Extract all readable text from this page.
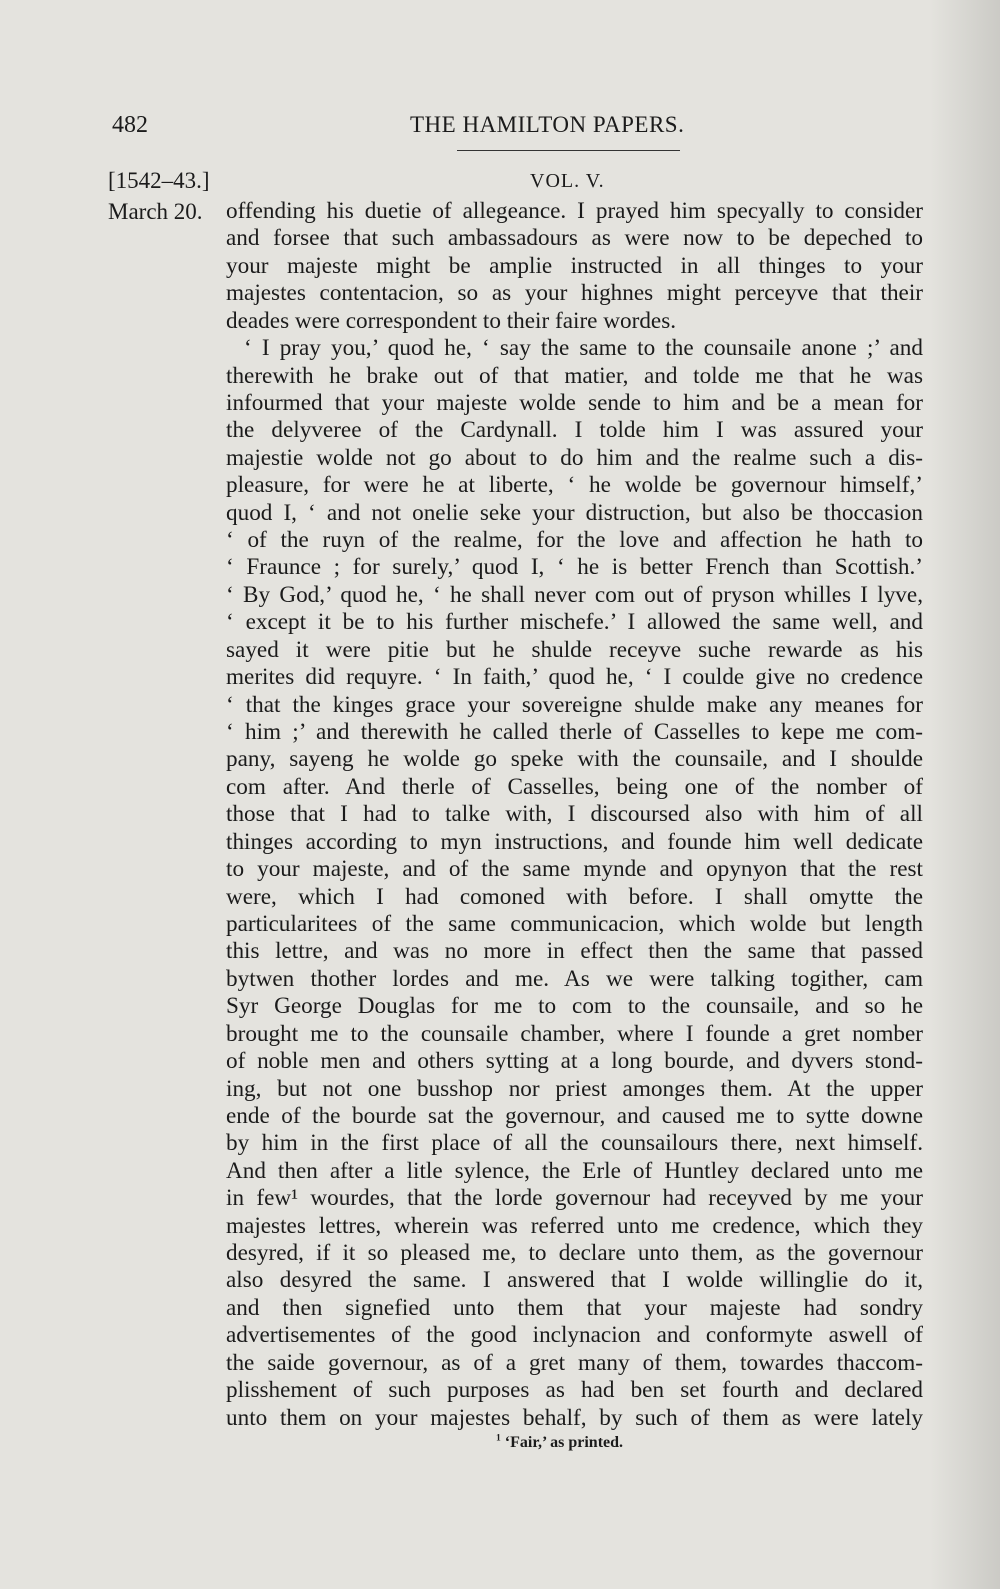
482	THE HAMILTON PAPERS.
[1542–43.]	VOL. V.
March 20. offending his duetie of allegeance. I prayed him specyally to consider
and forsee that such ambassadours as were now to be depeched to
your majeste might be amplie instructed in all thinges to your
majestes contentacion, so as your highnes might perceyve that their
deades were correspondent to their faire wordes.
‘ I pray you,’ quod he, ‘ say the same to the counsaile anone ;’ and
therewith he brake out of that matier, and tolde me that he was
infourmed that your majeste wolde sende to him and be a mean for
the delyveree of the Cardynall. I tolde him I was assured your
majestie wolde not go about to do him and the realme such a dis-
pleasure, for were he at liberte, ‘ he wolde be governour himself,’
quod I, ‘ and not onelie seke your distruction, but also be thoccasion
‘ of the ruyn of the realme, for the love and affection he hath to
‘ Fraunce ; for surely,’ quod I, ‘ he is better French than Scottish.’
‘ By God,’ quod he, ‘ he shall never com out of pryson whilles I lyve,
‘ except it be to his further mischefe.’ I allowed the same well, and
sayed it were pitie but he shulde receyve suche rewarde as his
merites did requyre. ‘ In faith,’ quod he, ‘ I coulde give no credence
‘ that the kinges grace your sovereigne shulde make any meanes for
‘ him ;’ and therewith he called therle of Casselles to kepe me com-
pany, sayeng he wolde go speke with the counsaile, and I shoulde
com after. And therle of Casselles, being one of the nomber of
those that I had to talke with, I discoursed also with him of all
thinges according to myn instructions, and founde him well dedicate
to your majeste, and of the same mynde and opynyon that the rest
were, which I had comoned with before. I shall omytte the
particularitees of the same communicacion, which wolde but length
this lettre, and was no more in effect then the same that passed
bytwen thother lordes and me. As we were talking togither, cam
Syr George Douglas for me to com to the counsaile, and so he
brought me to the counsaile chamber, where I founde a gret nomber
of noble men and others sytting at a long bourde, and dyvers stond-
ing, but not one busshop nor priest amonges them. At the upper
ende of the bourde sat the governour, and caused me to sytte downe
by him in the first place of all the counsailours there, next himself.
And then after a litle sylence, the Erle of Huntley declared unto me
in few¹ wourdes, that the lorde governour had receyved by me your
majestes lettres, wherein was referred unto me credence, which they
desyred, if it so pleased me, to declare unto them, as the governour
also desyred the same. I answered that I wolde willinglie do it,
and then signefied unto them that your majeste had sondry
advertisementes of the good inclynacion and conformyte aswell of
the saide governour, as of a gret many of them, towardes thaccom-
plisshement of such purposes as had ben set fourth and declared
unto them on your majestes behalf, by such of them as were lately
$^1$ ‘Fair,’ as printed.
